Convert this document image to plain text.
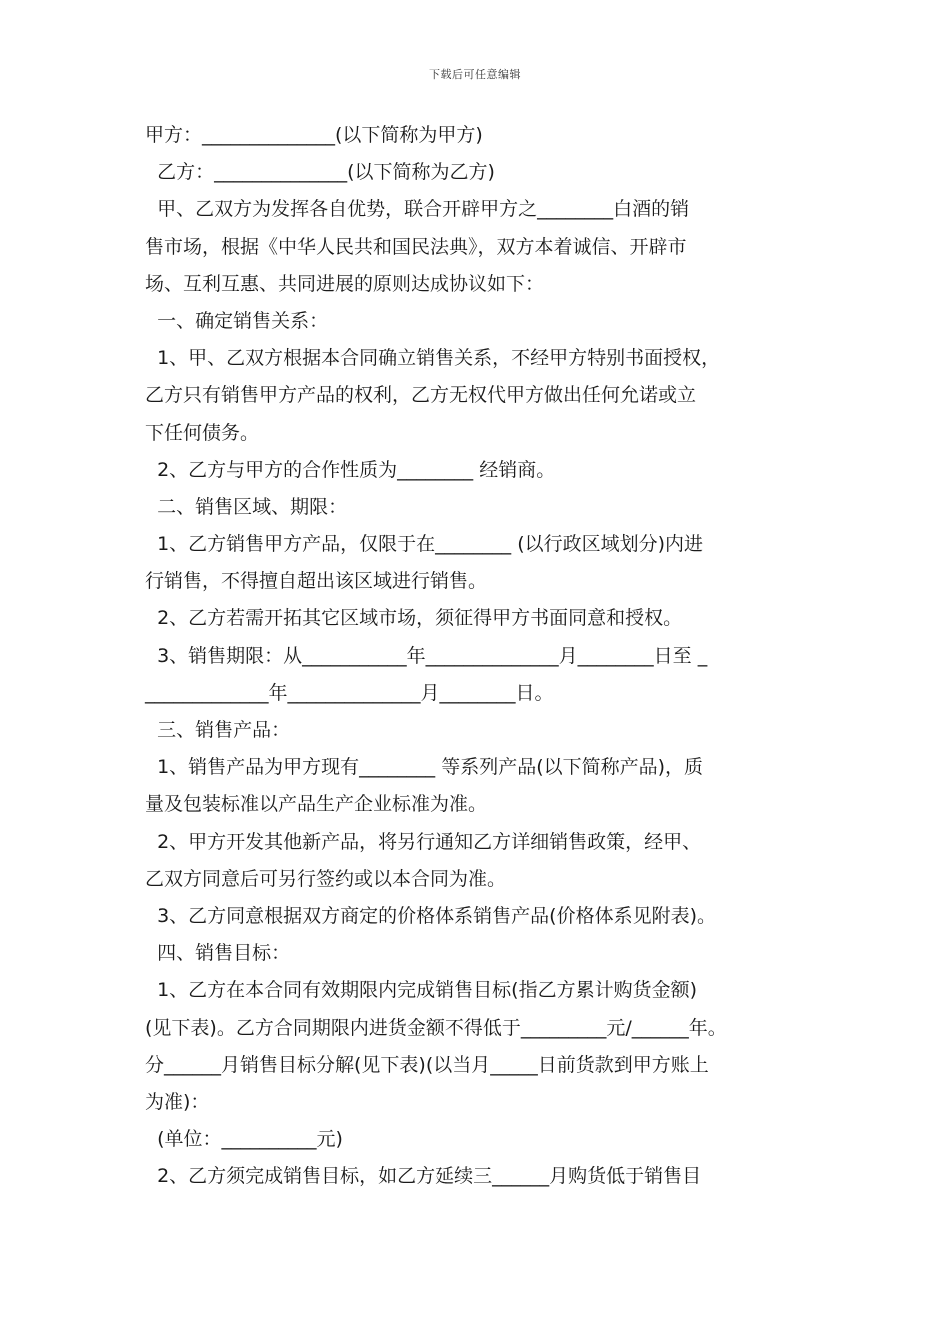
下载后可任意编辑
甲方：______________(以下简称为甲方)
乙方：______________(以下简称为乙方)
甲、乙双方为发挥各自优势，联合开辟甲方之________白酒的销
售市场，根据《中华人民共和国民法典》，双方本着诚信、开辟市
场、互利互惠、共同进展的原则达成协议如下：
一、确定销售关系：
1、甲、乙双方根据本合同确立销售关系，不经甲方特别书面授权，
乙方只有销售甲方产品的权利，乙方无权代甲方做出任何允诺或立
下任何债务。
2、乙方与甲方的合作性质为________ 经销商。
二、销售区域、期限：
1、乙方销售甲方产品，仅限于在________ (以行政区域划分)内进
行销售，不得擅自超出该区域进行销售。
2、乙方若需开拓其它区域市场，须征得甲方书面同意和授权。
3、销售期限：从___________年______________月________日至 _
_____________年______________月________日。
三、销售产品：
1、销售产品为甲方现有________ 等系列产品(以下简称产品)，质
量及包装标准以产品生产企业标准为准。
2、甲方开发其他新产品，将另行通知乙方详细销售政策，经甲、
乙双方同意后可另行签约或以本合同为准。
3、乙方同意根据双方商定的价格体系销售产品(价格体系见附表)。
四、销售目标：
1、乙方在本合同有效期限内完成销售目标(指乙方累计购货金额)
(见下表)。乙方合同期限内进货金额不得低于_________元/______年。
分______月销售目标分解(见下表)(以当月_____日前货款到甲方账上
为准)：
(单位：__________元)
2、乙方须完成销售目标，如乙方延续三______月购货低于销售目
